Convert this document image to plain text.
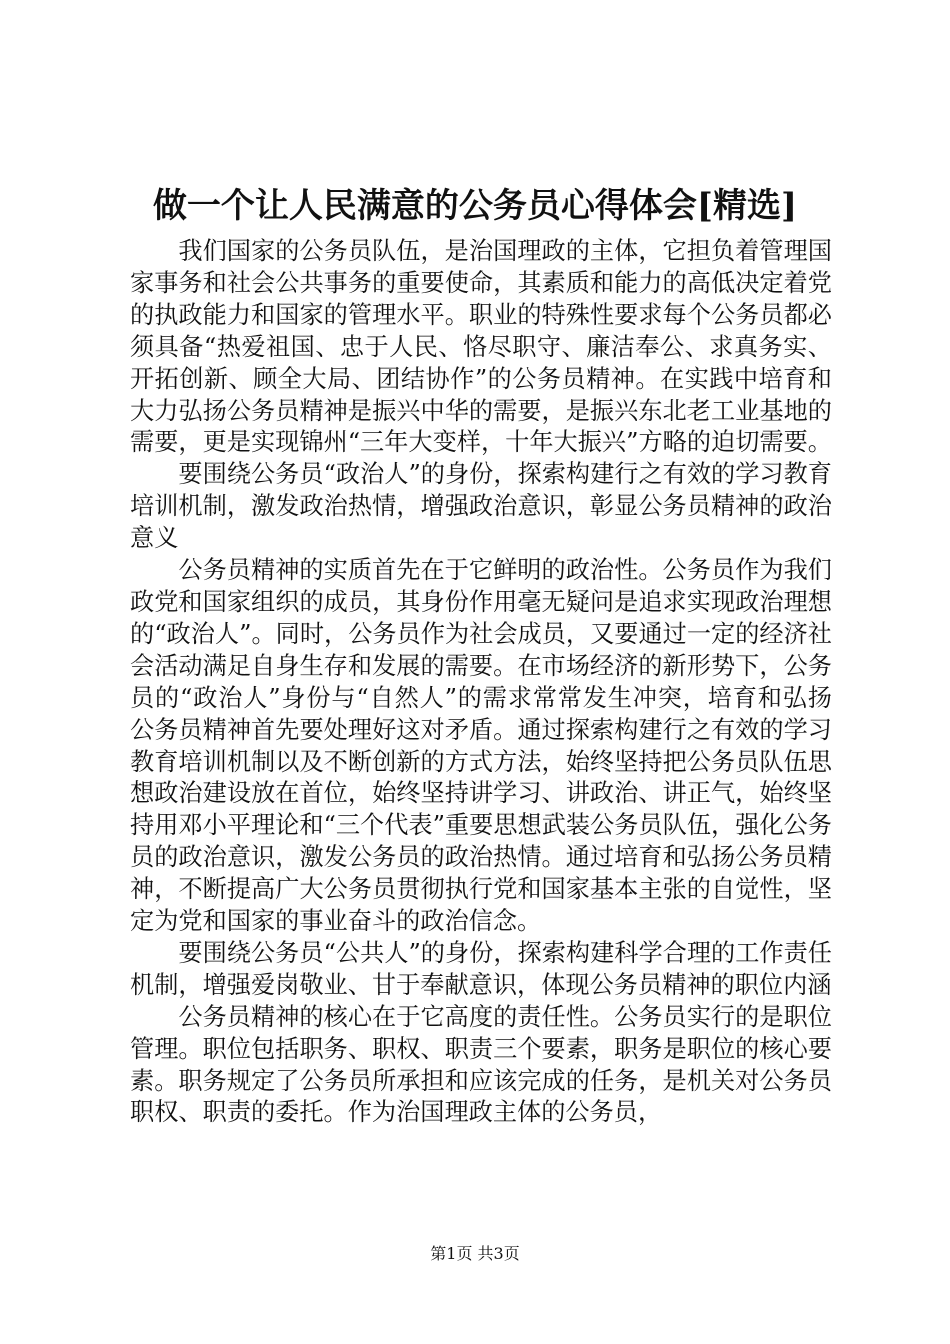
做一个让人民满意的公务员心得体会[精选]

我们国家的公务员队伍，是治国理政的主体，它担负着管理国家事务和社会公共事务的重要使命，其素质和能力的高低决定着党的执政能力和国家的管理水平。职业的特殊性要求每个公务员都必须具备“热爱祖国、忠于人民、恪尽职守、廉洁奉公、求真务实、开拓创新、顾全大局、团结协作”的公务员精神。在实践中培育和大力弘扬公务员精神是振兴中华的需要，是振兴东北老工业基地的需要，更是实现锦州“三年大变样，十年大振兴”方略的迫切需要。

要围绕公务员“政治人”的身份，探索构建行之有效的学习教育培训机制，激发政治热情，增强政治意识，彰显公务员精神的政治意义

公务员精神的实质首先在于它鲜明的政治性。公务员作为我们政党和国家组织的成员，其身份作用毫无疑问是追求实现政治理想的“政治人”。同时，公务员作为社会成员，又要通过一定的经济社会活动满足自身生存和发展的需要。在市场经济的新形势下，公务员的“政治人”身份与“自然人”的需求常常发生冲突，培育和弘扬公务员精神首先要处理好这对矛盾。通过探索构建行之有效的学习教育培训机制以及不断创新的方式方法，始终坚持把公务员队伍思想政治建设放在首位，始终坚持讲学习、讲政治、讲正气，始终坚持用邓小平理论和“三个代表”重要思想武装公务员队伍，强化公务员的政治意识，激发公务员的政治热情。通过培育和弘扬公务员精神，不断提高广大公务员贯彻执行党和国家基本主张的自觉性，坚定为党和国家的事业奋斗的政治信念。

要围绕公务员“公共人”的身份，探索构建科学合理的工作责任机制，增强爱岗敬业、甘于奉献意识，体现公务员精神的职位内涵

公务员精神的核心在于它高度的责任性。公务员实行的是职位管理。职位包括职务、职权、职责三个要素，职务是职位的核心要素。职务规定了公务员所承担和应该完成的任务，是机关对公务员职权、职责的委托。作为治国理政主体的公务员，

第1页 共3页
